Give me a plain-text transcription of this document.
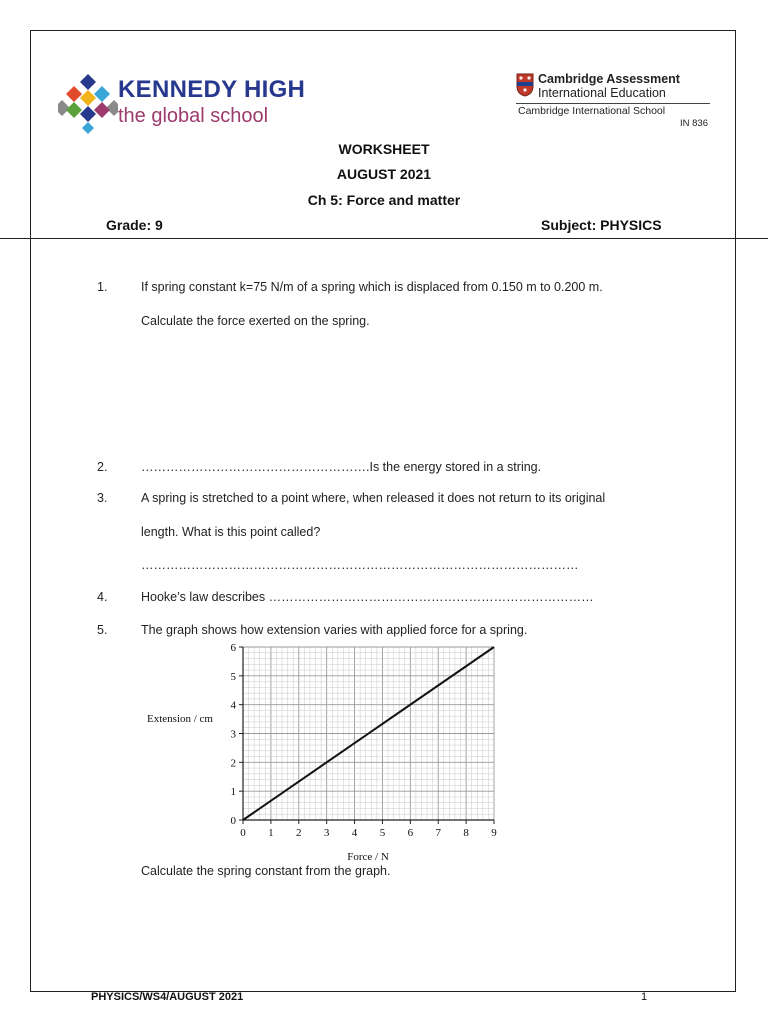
KENNEDY HIGH
the global school
Cambridge Assessment
International Education
Cambridge International School
IN 836
WORKSHEET
AUGUST 2021
Ch 5: Force and matter
Grade: 9	Subject: PHYSICS
1.	If spring constant k=75 N/m of a spring which is displaced from 0.150 m to 0.200 m.
Calculate the force exerted on the spring.
2.	……………………………………………….Is the energy stored in a string.
3.	A spring is stretched to a point where, when released it does not return to its original
length. What is this point called?
……………………………………………………………………………………………
4.	Hooke’s law describes ……………………………………………………………………
5.	The graph shows how extension varies with applied force for a spring.
0 1 2 3 4 5 6 7 8 9
0
1
2
3
4
5
6
Extension / cm
Force / N
Calculate the spring constant from the graph.
PHYSICS/WS4/AUGUST 2021	1
